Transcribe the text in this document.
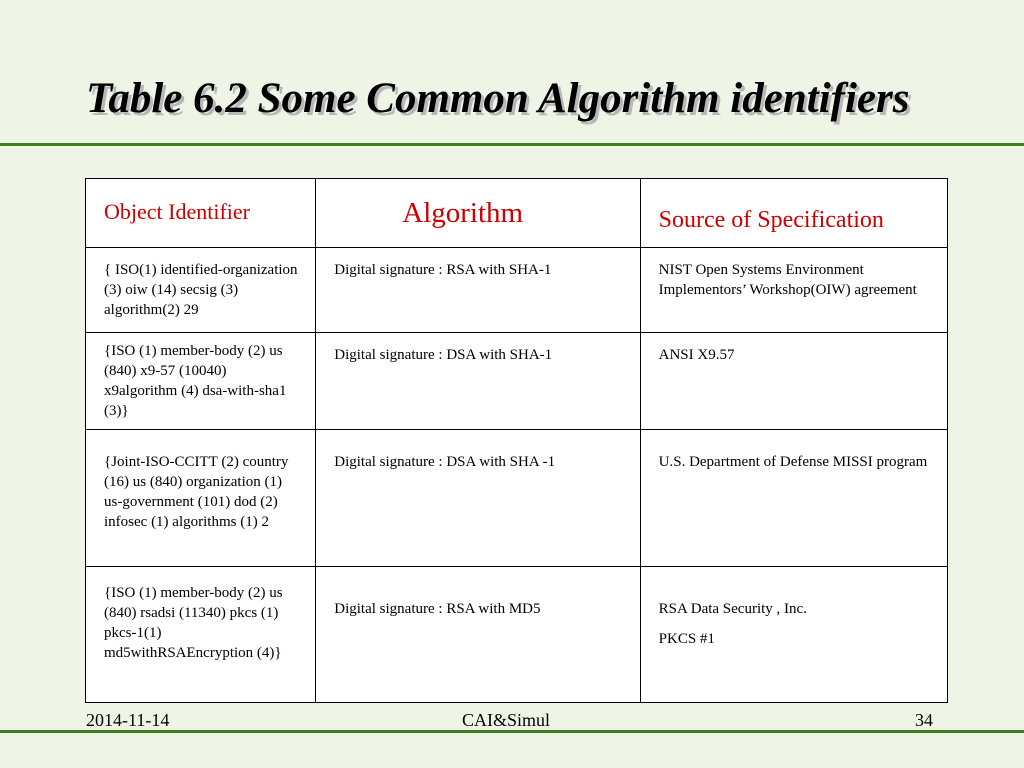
Table 6.2 Some Common Algorithm identifiers
Object Identifier	Algorithm	Source of Specification

{ ISO(1) identified-organization (3) oiw (14) secsig (3) algorithm(2) 29	Digital signature : RSA with SHA-1	NIST Open Systems Environment Implementors’ Workshop(OIW) agreement

{ISO (1) member-body (2) us (840) x9-57 (10040) x9algorithm (4) dsa-with-sha1 (3)}	Digital signature : DSA with SHA-1	ANSI X9.57

{Joint-ISO-CCITT (2) country (16) us (840) organization (1) us-government (101) dod (2) infosec (1) algorithms (1) 2	Digital signature : DSA with SHA -1	U.S. Department of Defense MISSI program

{ISO (1) member-body (2) us (840) rsadsi (11340) pkcs (1) pkcs-1(1) md5withRSAEncryption (4)}	Digital signature : RSA with MD5	RSA Data Security , Inc.

PKCS #1

2014-11-14	CAI&Simul	34
